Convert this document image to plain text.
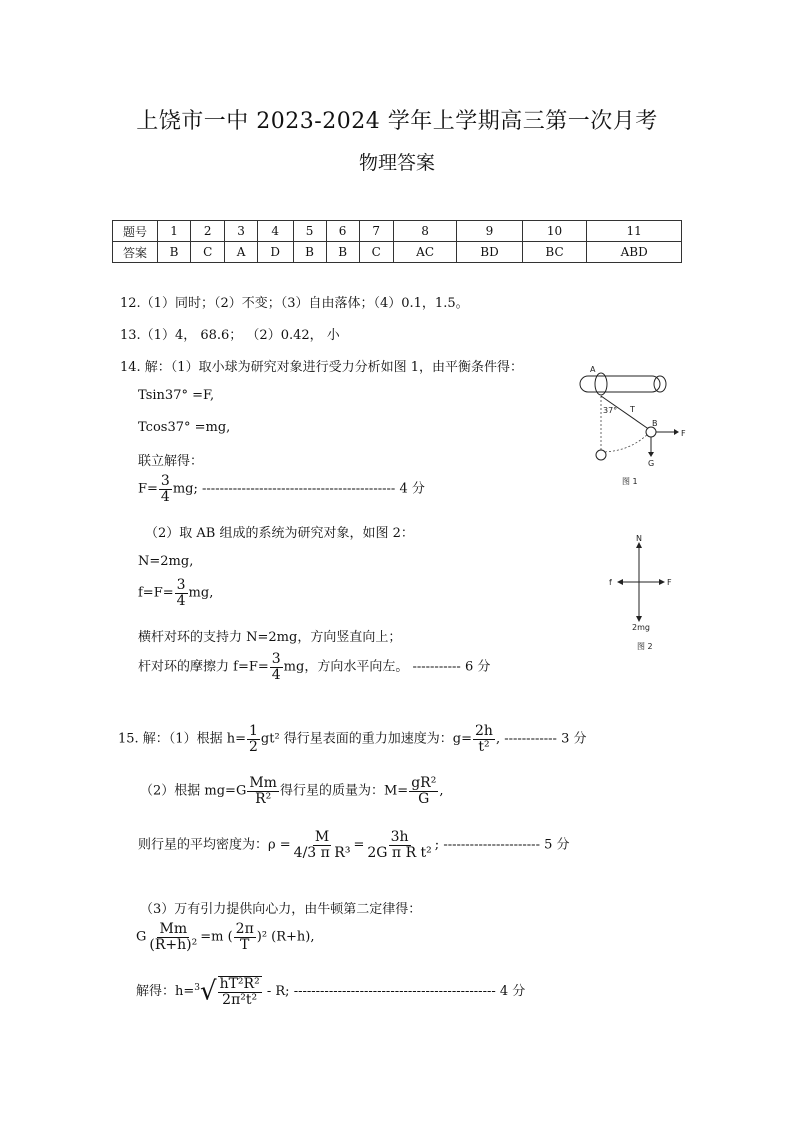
上饶市一中 2023-2024 学年上学期高三第一次月考
物理答案
题号	1	2	3	4	5	6	7	8	9	10	11
答案	B	C	A	D	B	B	C	AC	BD	BC	ABD
12.（1）同时；（2）不变；（3）自由落体；（4）0.1，1.5。
13.（1）4， 68.6； （2）0.42， 小
14. 解：（1）取小球为研究对象进行受力分析如图 1，由平衡条件得：
Tsin37° =F,
Tcos37° =mg,
联立解得：
$F= \frac{3}{4}$ mg; -------------------------------------------- 4 分
（2）取 AB 组成的系统为研究对象，如图 2：
N=2mg,
$f=F= \frac{3}{4}$ mg,
横杆对环的支持力 N=2mg，方向竖直向上；
杆对环的摩擦力 $f=F= \frac{3}{4}$ mg，方向水平向左。 ----------- 6 分
A
37° T
B
F
G
图 1
N
f	F
2mg
图 2
15. 解：（1）根据 $h= \frac{1}{2} gt^2$ 得行星表面的重力加速度为：$g= \frac{2h}{\text{t²}}$ , ------------ 3 分
（2）根据 $mg=G \frac{Mm}{\text{R²}}$ 得行星的质量为：$M= \frac{\text{gR²}}{G}$ ,
则行星的平均密度为：$\rho = \frac{M}{\text{4/3 π R³}} = \frac{3h}{\text{2G π R t²}}$ ; ---------------------- 5 分
（3）万有引力提供向心力，由牛顿第二定律得：
G $\frac{Mm}{\text{(R+h)²}} =m$ ( $\frac{2\pi}{T} )^2$ (R+h),
解得：$h=^3√ \frac{\text{hT²R²}}{\text{2π²t²}} - R$; ---------------------------------------------- 4 分
